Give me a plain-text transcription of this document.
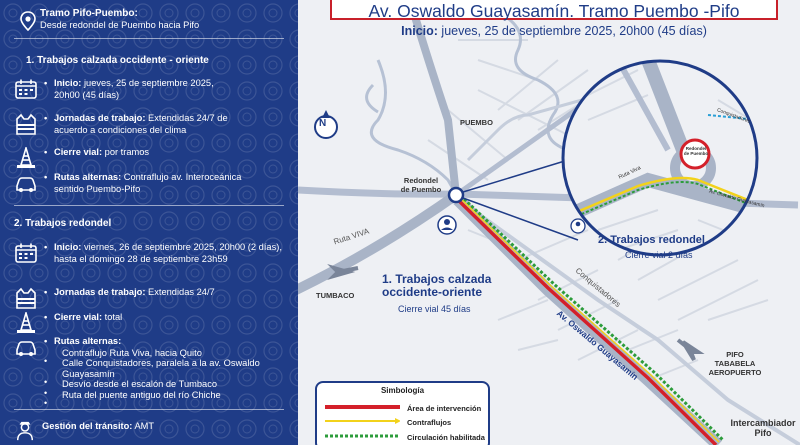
Tramo Pifo-Puembo:
Desde redondel de Puembo hacia Pifo
1. Trabajos calzada occidente - oriente
• Inicio: jueves, 25 de septiembre 2025, 20h00 (45 días)
• Jornadas de trabajo: Extendidas 24/7 de acuerdo a condiciones del clima
• Cierre vial: por tramos
• Rutas alternas: Contraflujo av. Interoceánica sentido Puembo-Pifo
2. Trabajos redondel
• Inicio: viernes, 26 de septiembre 2025, 20h00 (2 días), hasta el domingo 28 de septiembre 23h59
• Jornadas de trabajo: Extendidas 24/7
• Cierre vial: total
• Rutas alternas:
Contraflujo Ruta Viva, hacia Quito
Calle Conquistadores, paralela a la av. Oswaldo Guayasamín
Desvío desde el escalón de Tumbaco
Ruta del puente antiguo del río Chiche
•

•
•
•
Gestión del tránsito: AMT
N	PUEMBO
Redondel
de Puembo
Ruta VIVA
TUMBACO	Conquistadores
Av. Oswaldo Guayasamín	PIFO
TABABELA
AEROPUERTO
Intercambiador
Pifo
1. Trabajos calzada
occidente-oriente
Cierre vial 45 días
2. Trabajos redondel
Cierre vial 2 días
Redondel
de Puembo
Ruta Viva
Av. Oswaldo Guayasamín
Conquistadores
Av. Oswaldo Guayasamín. Tramo Puembo -Pifo
Inicio: jueves, 25 de septiembre 2025, 20h00 (45 días)
Simbología
Área de intervención
Contraflujos
Circulación habilitada
